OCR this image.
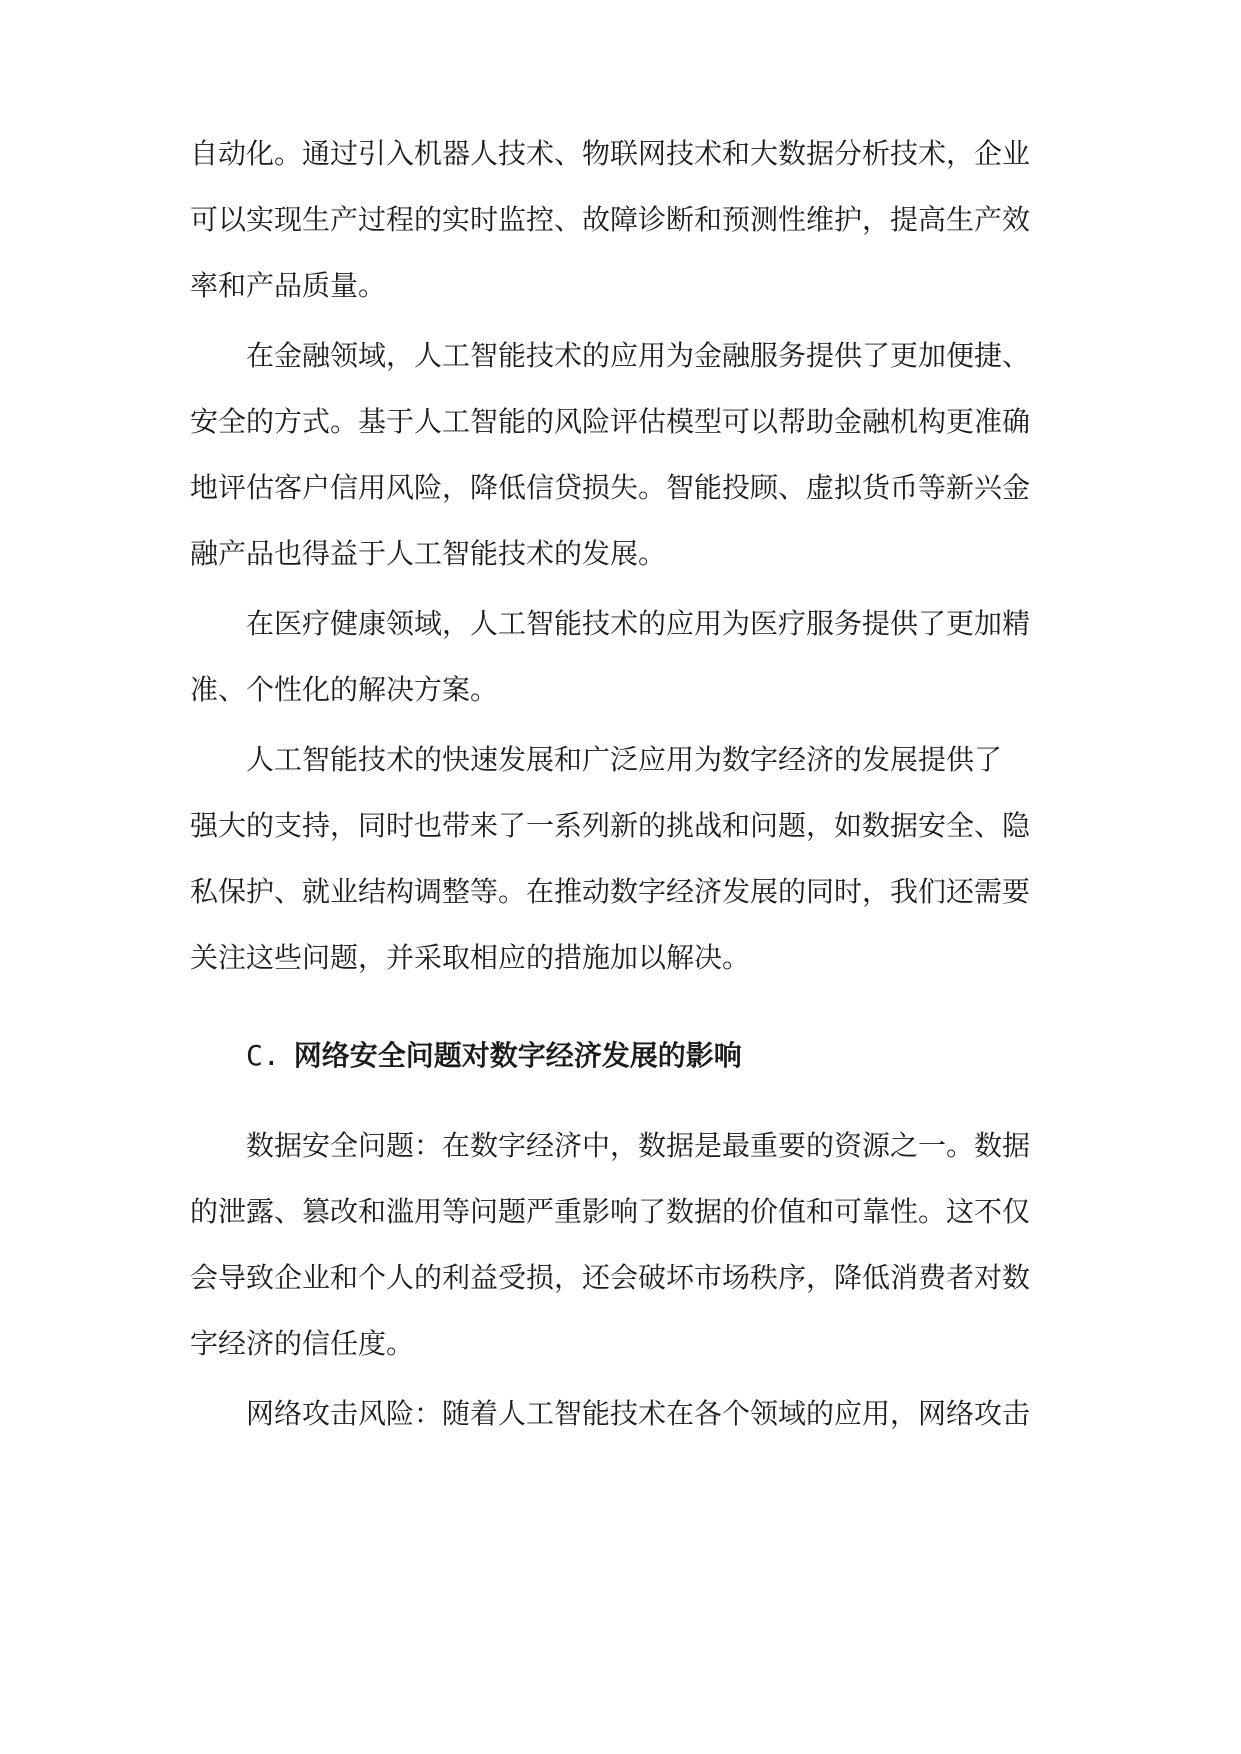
自动化。通过引入机器人技术、物联网技术和大数据分析技术，企业
可以实现生产过程的实时监控、故障诊断和预测性维护，提高生产效
率和产品质量。
在金融领域，人工智能技术的应用为金融服务提供了更加便捷、
安全的方式。基于人工智能的风险评估模型可以帮助金融机构更准确
地评估客户信用风险，降低信贷损失。智能投顾、虚拟货币等新兴金
融产品也得益于人工智能技术的发展。
在医疗健康领域，人工智能技术的应用为医疗服务提供了更加精
准、个性化的解决方案。
人工智能技术的快速发展和广泛应用为数字经济的发展提供了
强大的支持，同时也带来了一系列新的挑战和问题，如数据安全、隐
私保护、就业结构调整等。在推动数字经济发展的同时，我们还需要
关注这些问题，并采取相应的措施加以解决。
C. 网络安全问题对数字经济发展的影响
数据安全问题：在数字经济中，数据是最重要的资源之一。数据
的泄露、篡改和滥用等问题严重影响了数据的价值和可靠性。这不仅
会导致企业和个人的利益受损，还会破坏市场秩序，降低消费者对数
字经济的信任度。
网络攻击风险：随着人工智能技术在各个领域的应用，网络攻击
